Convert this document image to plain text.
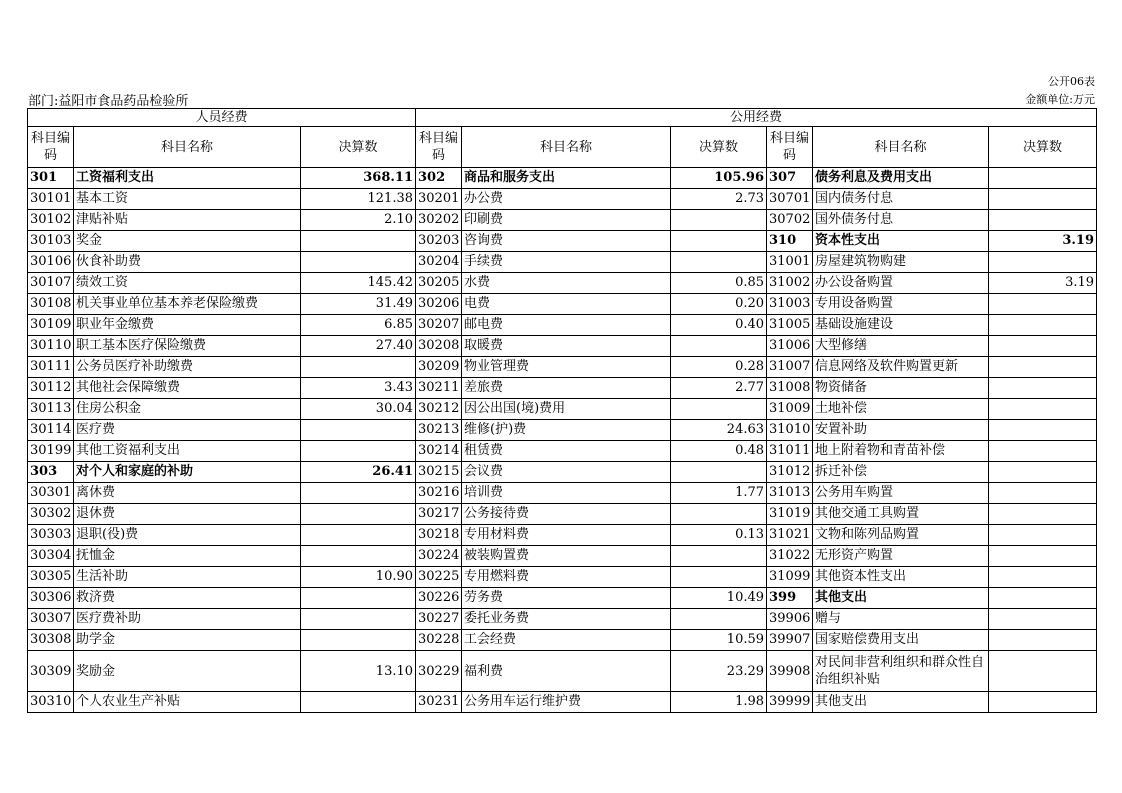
公开06表
金额单位:万元
部门:益阳市食品药品检验所
人员经费			公用经费					
科目编码	科目名称	决算数	科目编码	科目名称	决算数	科目编码	科目名称	决算数
301	工资福利支出	368.11	302	商品和服务支出	105.96	307	债务利息及费用支出	
30101	基本工资	121.38	30201	办公费	2.73	30701	国内债务付息	
30102	津贴补贴	2.10	30202	印刷费		30702	国外债务付息	
30103	奖金		30203	咨询费		310	资本性支出	3.19
30106	伙食补助费		30204	手续费		31001	房屋建筑物购建	
30107	绩效工资	145.42	30205	水费	0.85	31002	办公设备购置	3.19
30108	机关事业单位基本养老保险缴费	31.49	30206	电费	0.20	31003	专用设备购置	
30109	职业年金缴费	6.85	30207	邮电费	0.40	31005	基础设施建设	
30110	职工基本医疗保险缴费	27.40	30208	取暖费		31006	大型修缮	
30111	公务员医疗补助缴费		30209	物业管理费	0.28	31007	信息网络及软件购置更新	
30112	其他社会保障缴费	3.43	30211	差旅费	2.77	31008	物资储备	
30113	住房公积金	30.04	30212	因公出国(境)费用		31009	土地补偿	
30114	医疗费		30213	维修(护)费	24.63	31010	安置补助	
30199	其他工资福利支出		30214	租赁费	0.48	31011	地上附着物和青苗补偿	
303	对个人和家庭的补助	26.41	30215	会议费		31012	拆迁补偿	
30301	离休费		30216	培训费	1.77	31013	公务用车购置	
30302	退休费		30217	公务接待费		31019	其他交通工具购置	
30303	退职(役)费		30218	专用材料费	0.13	31021	文物和陈列品购置	
30304	抚恤金		30224	被装购置费		31022	无形资产购置	
30305	生活补助	10.90	30225	专用燃料费		31099	其他资本性支出	
30306	救济费		30226	劳务费	10.49	399	其他支出	
30307	医疗费补助		30227	委托业务费		39906	赠与	
30308	助学金		30228	工会经费	10.59	39907	国家赔偿费用支出	
30309	奖励金	13.10	30229	福利费	23.29	39908	对民间非营利组织和群众性自治组织补贴	
30310	个人农业生产补贴		30231	公务用车运行维护费	1.98	39999	其他支出	
